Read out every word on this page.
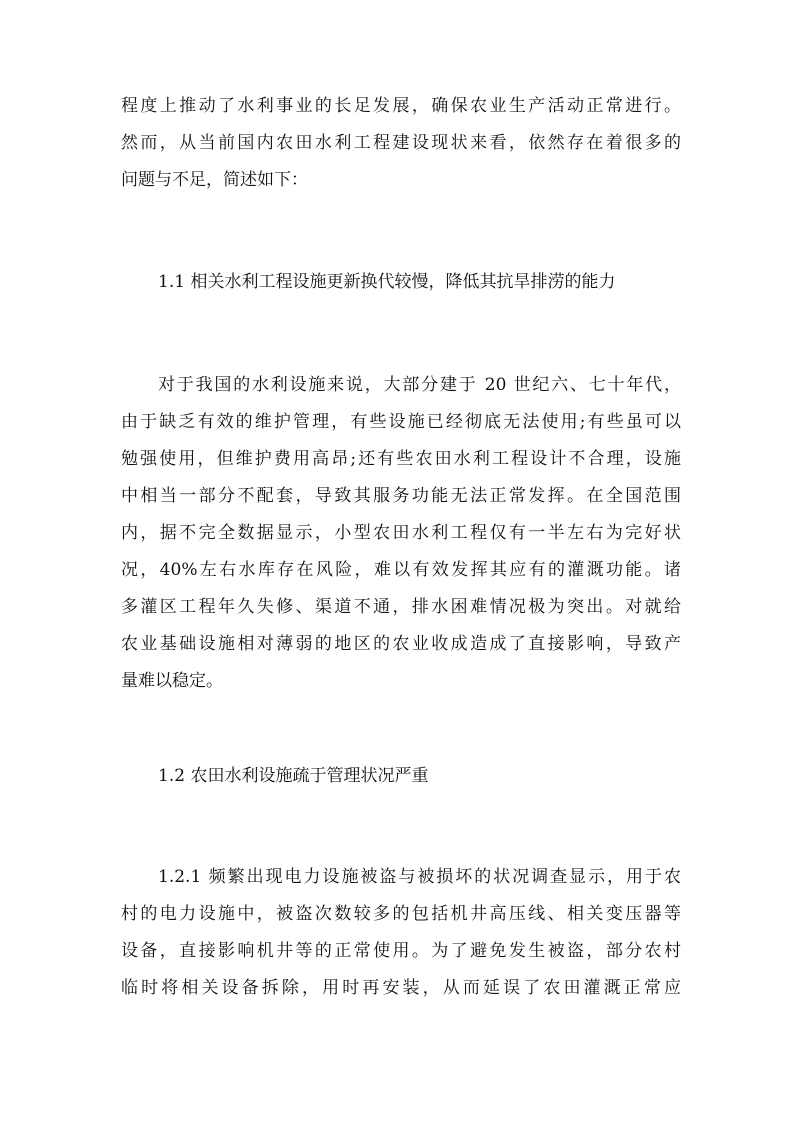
程度上推动了水利事业的长足发展，确保农业生产活动正常进行。
然而，从当前国内农田水利工程建设现状来看，依然存在着很多的
问题与不足，简述如下：
1.1 相关水利工程设施更新换代较慢，降低其抗旱排涝的能力
对于我国的水利设施来说，大部分建于 20 世纪六、七十年代，
由于缺乏有效的维护管理，有些设施已经彻底无法使用;有些虽可以
勉强使用，但维护费用高昂;还有些农田水利工程设计不合理，设施
中相当一部分不配套，导致其服务功能无法正常发挥。在全国范围
内，据不完全数据显示，小型农田水利工程仅有一半左右为完好状
况，40%左右水库存在风险，难以有效发挥其应有的灌溉功能。诸
多灌区工程年久失修、渠道不通，排水困难情况极为突出。对就给
农业基础设施相对薄弱的地区的农业收成造成了直接影响，导致产
量难以稳定。
1.2 农田水利设施疏于管理状况严重
1.2.1 频繁出现电力设施被盗与被损坏的状况调查显示，用于农
村的电力设施中，被盗次数较多的包括机井高压线、相关变压器等
设备，直接影响机井等的正常使用。为了避免发生被盗，部分农村
临时将相关设备拆除，用时再安装，从而延误了农田灌溉正常应
